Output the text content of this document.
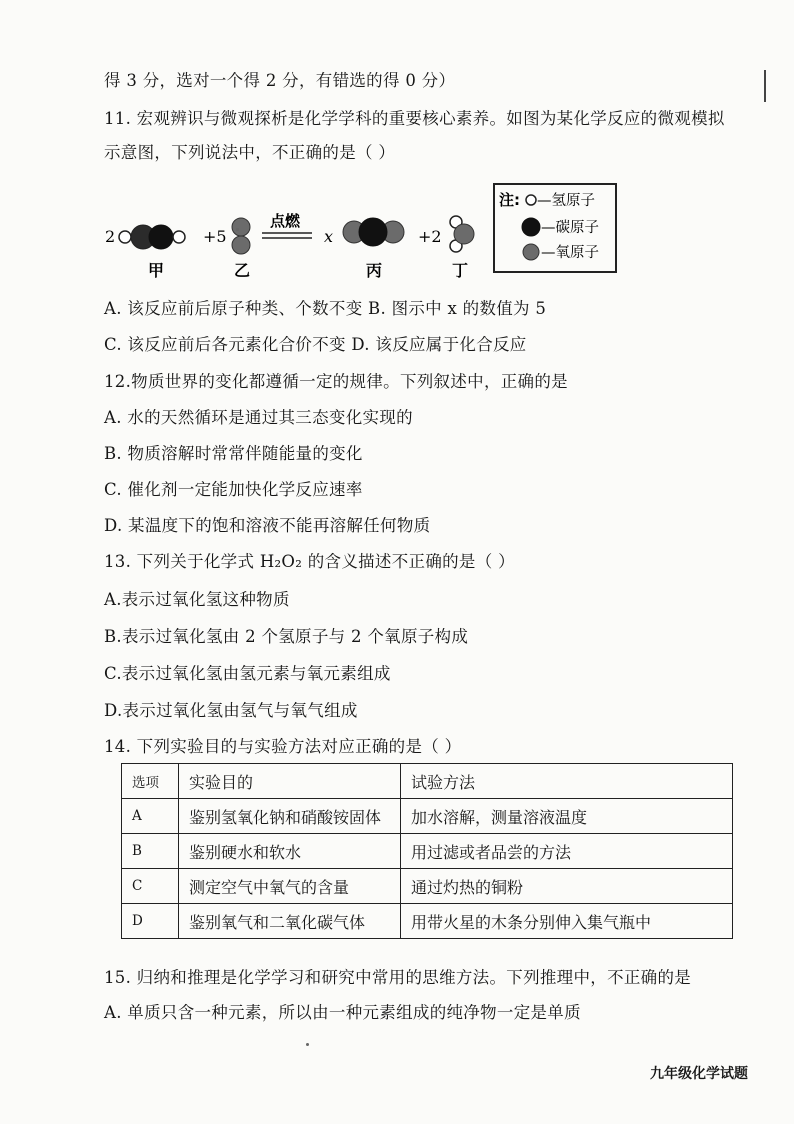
得 3 分，选对一个得 2 分，有错选的得 0 分）
11. 宏观辨识与微观探析是化学学科的重要核心素养。如图为某化学反应的微观模拟
示意图，下列说法中，不正确的是（ ）
2	+5
点燃
x	+2
甲	乙	丙	丁
注: —氢原子
—碳原子
—氧原子
A. 该反应前后原子种类、个数不变 B. 图示中 x 的数值为 5
C. 该反应前后各元素化合价不变 D. 该反应属于化合反应
12.物质世界的变化都遵循一定的规律。下列叙述中，正确的是
A. 水的天然循环是通过其三态变化实现的
B. 物质溶解时常常伴随能量的变化
C. 催化剂一定能加快化学反应速率
D. 某温度下的饱和溶液不能再溶解任何物质
13. 下列关于化学式 H₂O₂ 的含义描述不正确的是（ ）
A.表示过氧化氢这种物质
B.表示过氧化氢由 2 个氢原子与 2 个氧原子构成
C.表示过氧化氢由氢元素与氧元素组成
D.表示过氧化氢由氢气与氧气组成
14. 下列实验目的与实验方法对应正确的是（ ）
选项	实验目的	试验方法
A	鉴别氢氧化钠和硝酸铵固体	加水溶解，测量溶液温度
B	鉴别硬水和软水	用过滤或者品尝的方法
C	测定空气中氧气的含量	通过灼热的铜粉
D	鉴别氧气和二氧化碳气体	用带火星的木条分别伸入集气瓶中
15. 归纳和推理是化学学习和研究中常用的思维方法。下列推理中，不正确的是
A. 单质只含一种元素，所以由一种元素组成的纯净物一定是单质
九年级化学试题
